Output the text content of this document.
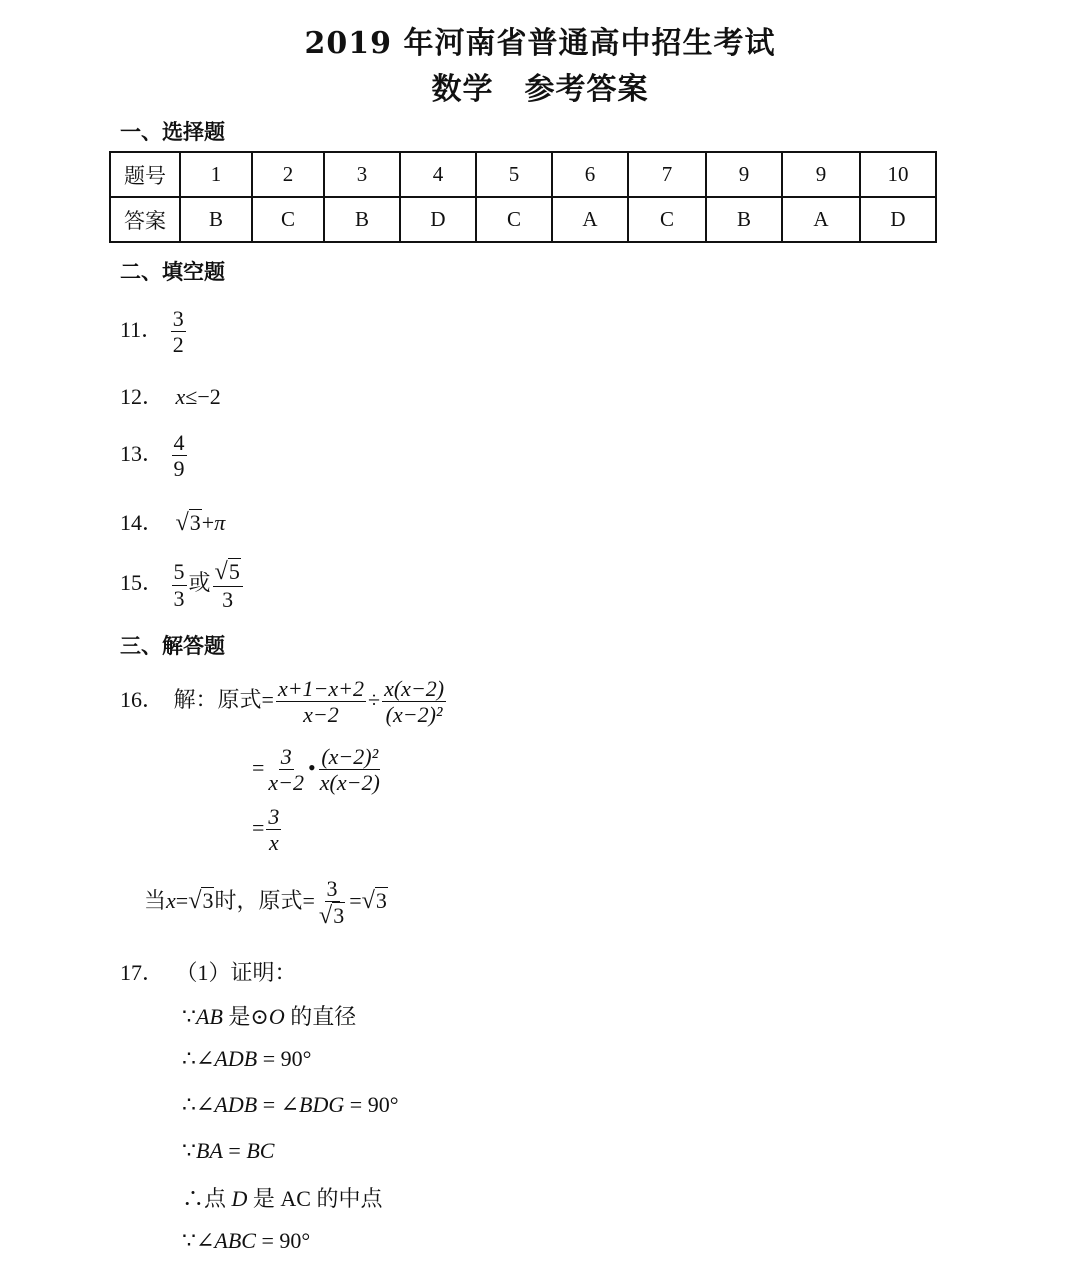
2019 年河南省普通高中招生考试
数学　参考答案
一、选择题
题号	1	2	3	4	5	6	7	9	9	10
答案	B	C	B	D	C	A	C	B	A	D
二、填空题
11． $\frac{3}{2}$
12． x≤−2
13． $\frac{4}{9}$
14． √3+π
15． $\frac{5}{3}$ 或 $\frac{√5}{3}$
三、解答题
16． 解：原式= $\frac{x+1-x+2}{x-2} \div \frac{x(x-2)}{\text{(x−2)²}}$
= $\frac{3}{x-2}$ • $\frac{\text{(x−2)²}}{x(x-2)}$
= $\frac{3}{x}$
当x=√3时，原式= $\frac{3}{√3} =√3$
17． （1）证明：
∵AB 是⊙O 的直径
∴∠ADB = 90°
∴∠ADB = ∠BDG = 90°
∵BA = BC
∴点 D 是 AC 的中点
∵∠ABC = 90°
